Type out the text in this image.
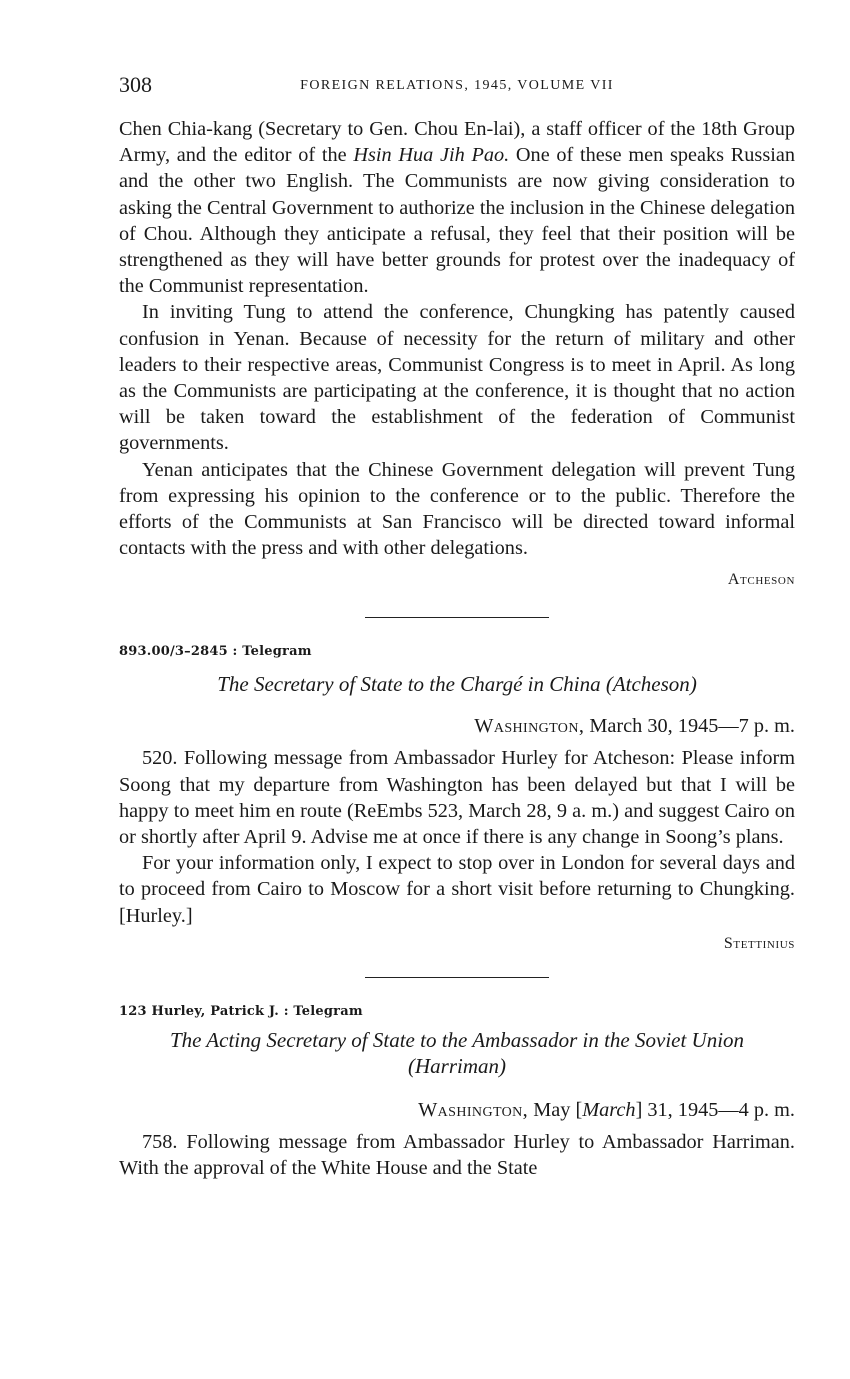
308	FOREIGN RELATIONS, 1945, VOLUME VII

Chen Chia-kang (Secretary to Gen. Chou En-lai), a staff officer of the 18th Group Army, and the editor of the Hsin Hua Jih Pao. One of these men speaks Russian and the other two English. The Communists are now giving consideration to asking the Central Government to authorize the inclusion in the Chinese delegation of Chou. Although they anticipate a refusal, they feel that their position will be strengthened as they will have better grounds for protest over the inadequacy of the Communist representation.

In inviting Tung to attend the conference, Chungking has patently caused confusion in Yenan. Because of necessity for the return of military and other leaders to their respective areas, Communist Congress is to meet in April. As long as the Communists are participating at the conference, it is thought that no action will be taken toward the establishment of the federation of Communist governments.

Yenan anticipates that the Chinese Government delegation will prevent Tung from expressing his opinion to the conference or to the public. Therefore the efforts of the Communists at San Francisco will be directed toward informal contacts with the press and with other delegations.

Atcheson
893.00/3–2845 : Telegram
The Secretary of State to the Chargé in China (Atcheson)
Washington, March 30, 1945—7 p. m.

520. Following message from Ambassador Hurley for Atcheson: Please inform Soong that my departure from Washington has been delayed but that I will be happy to meet him en route (ReEmbs 523, March 28, 9 a. m.) and suggest Cairo on or shortly after April 9. Advise me at once if there is any change in Soong’s plans.

For your information only, I expect to stop over in London for several days and to proceed from Cairo to Moscow for a short visit before returning to Chungking. [Hurley.]

Stettinius
123 Hurley, Patrick J. : Telegram
The Acting Secretary of State to the Ambassador in the Soviet Union
(Harriman)
Washington, May [March] 31, 1945—4 p. m.

758. Following message from Ambassador Hurley to Ambassador Harriman. With the approval of the White House and the State
